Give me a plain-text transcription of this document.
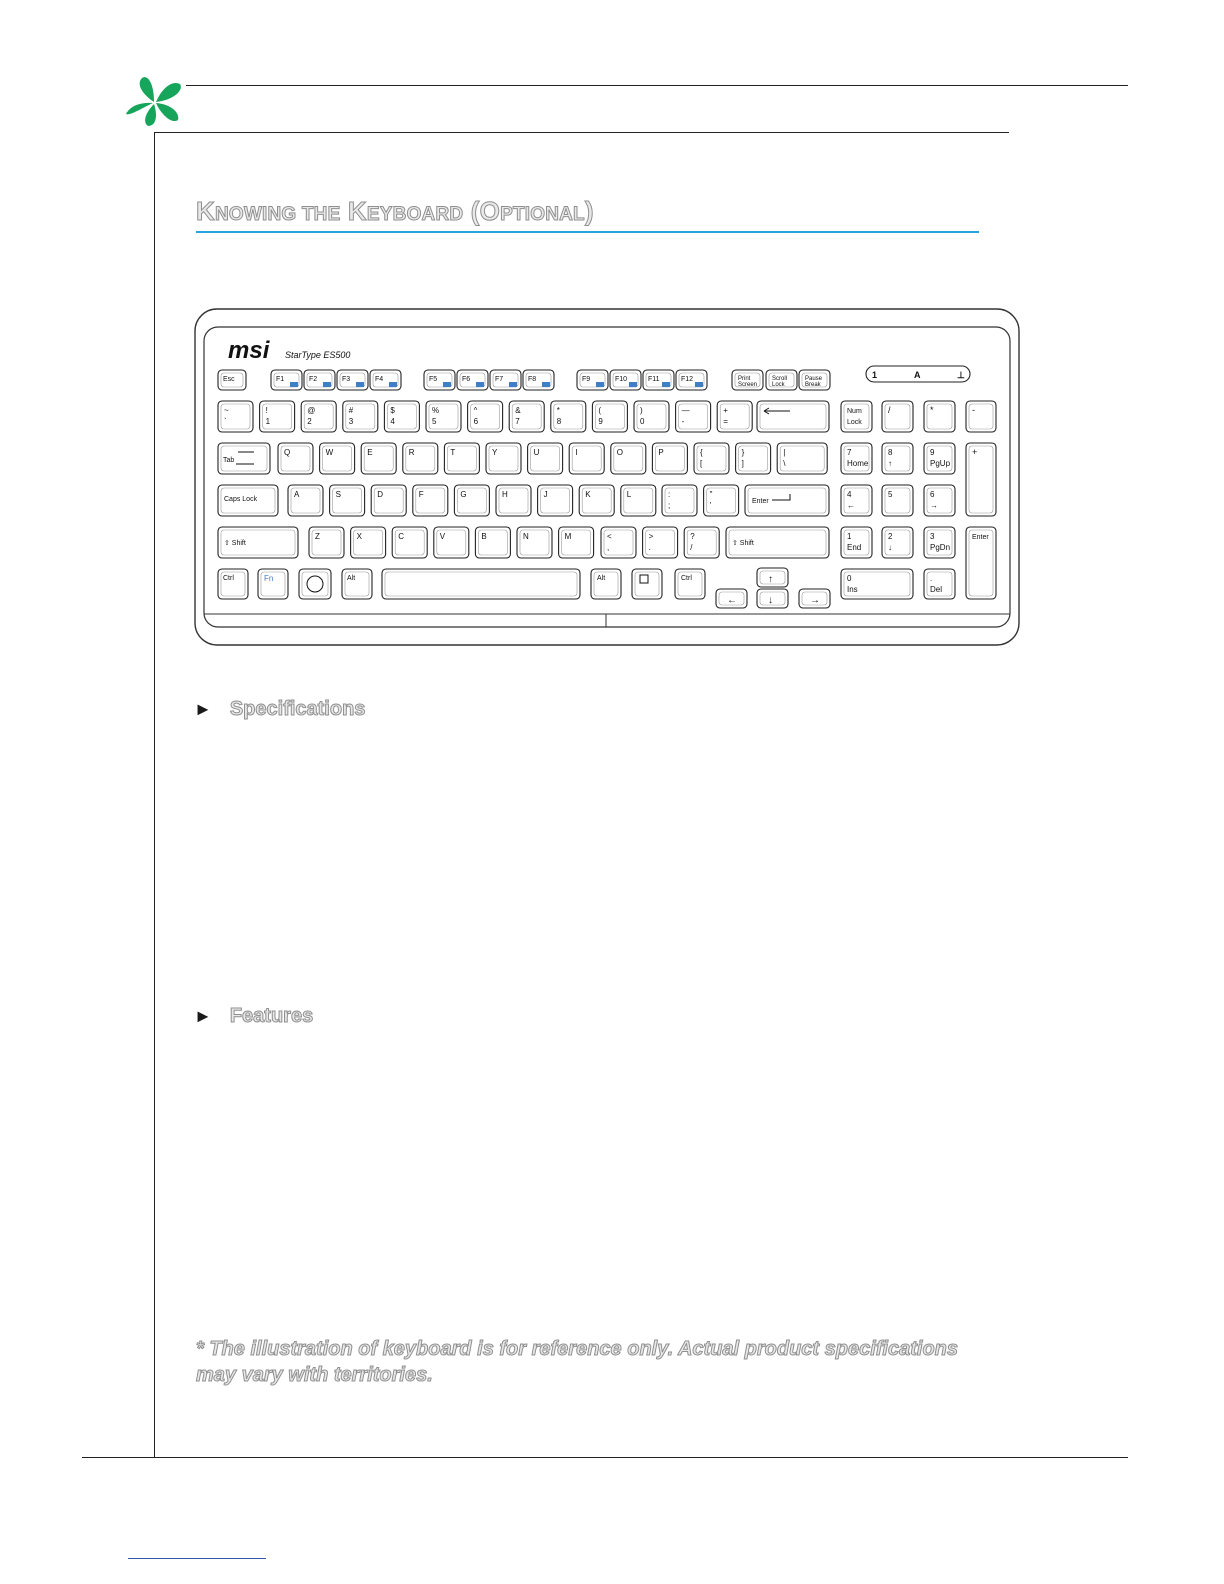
KNOWING THE KEYBOARD (OPTIONAL)
msi StarType ES500
1	A	⊥
Esc	F1	F2	F3	F4	F5	F6	F7	F8	F9	F10	F11	F12	Print
Screen
Scroll
Lock
Pause
Break
~
`
!
1
@
2
#
3
$
4
%
5
^
6
&
7
*
8
(
9
)
0
—
-
+
=
Tab
Q	W	E	R	T	Y	U	I	O	P	{
[
}
]
|
\
Caps Lock
A	S	D	F	G	H	J	K	L	:
;
"
'	Enter
⇧ Shift
Z	X	C	V	B	N	M	<
,
>
.
?
/	⇧ Shift
Ctrl	Fn	Alt	Alt	Ctrl	↑
←	↓	→
Num
Lock
/	*	-
7
Home
8
↑
9
PgUp
+
4
←
5	6
→
1
End
2
↓
3
PgDn
Enter
0
Ins
.
Del
► Specifications
► Features
* The illustration of keyboard is for reference only. Actual product specifications may vary with territories.
